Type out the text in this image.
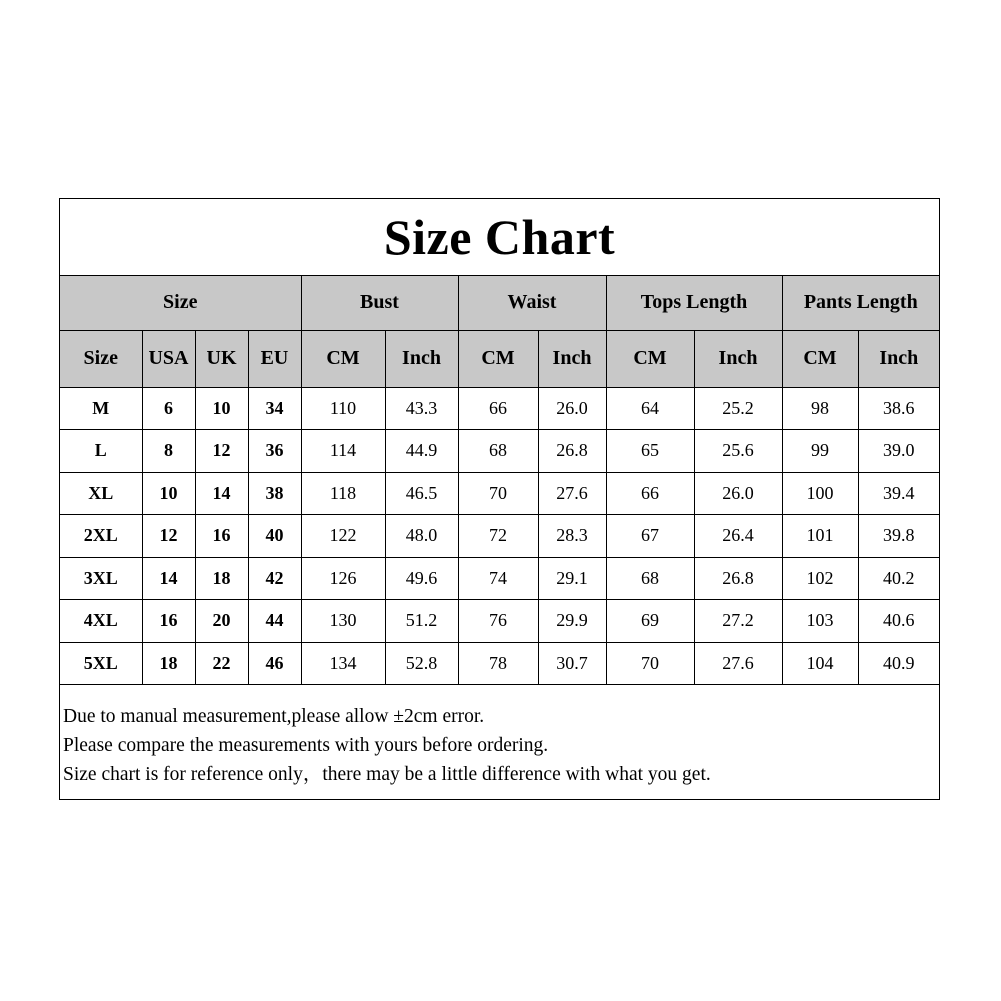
Size Chart
Size				Bust		Waist		Tops Length		Pants Length	
Size	USA	UK	EU	CM	Inch	CM	Inch	CM	Inch	CM	Inch
M	6	10	34	110	43.3	66	26.0	64	25.2	98	38.6
L	8	12	36	114	44.9	68	26.8	65	25.6	99	39.0
XL	10	14	38	118	46.5	70	27.6	66	26.0	100	39.4
2XL	12	16	40	122	48.0	72	28.3	67	26.4	101	39.8
3XL	14	18	42	126	49.6	74	29.1	68	26.8	102	40.2
4XL	16	20	44	130	51.2	76	29.9	69	27.2	103	40.6
5XL	18	22	46	134	52.8	78	30.7	70	27.6	104	40.9
Due to manual measurement,please allow ±2cm error.
Please compare the measurements with yours before ordering.
Size chart is for reference only，there may be a little difference with what you get.
